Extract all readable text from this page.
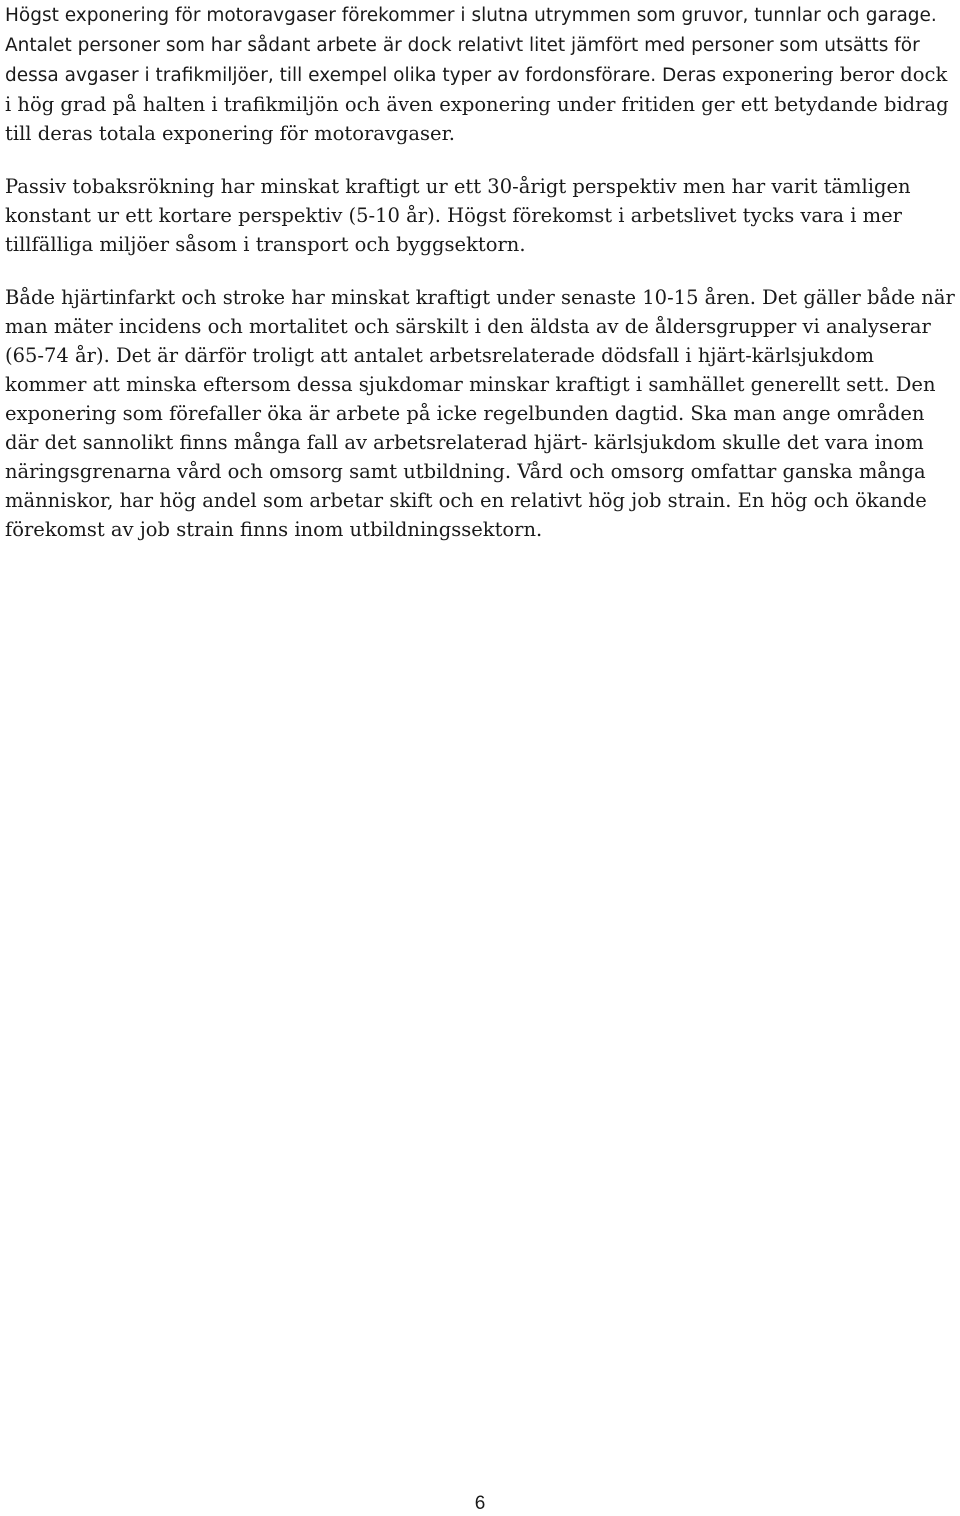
Högst exponering för motoravgaser förekommer i slutna utrymmen som gruvor, tunnlar och garage. Antalet personer som har sådant arbete är dock relativt litet jämfört med personer som utsätts för dessa avgaser i trafikmiljöer, till exempel olika typer av fordonsförare. Deras exponering beror dock i hög grad på halten i trafikmiljön och även exponering under fritiden ger ett betydande bidrag till deras totala exponering för motoravgaser.

Passiv tobaksrökning har minskat kraftigt ur ett 30-årigt perspektiv men har varit tämligen konstant ur ett kortare perspektiv (5-10 år). Högst förekomst i arbetslivet tycks vara i mer tillfälliga miljöer såsom i transport och byggsektorn.

Både hjärtinfarkt och stroke har minskat kraftigt under senaste 10-15 åren. Det gäller både när man mäter incidens och mortalitet och särskilt i den äldsta av de åldersgrupper vi analyserar (65-74 år). Det är därför troligt att antalet arbetsrelaterade dödsfall i hjärt-kärlsjukdom kommer att minska eftersom dessa sjukdomar minskar kraftigt i samhället generellt sett. Den exponering som förefaller öka är arbete på icke regelbunden dagtid. Ska man ange områden där det sannolikt finns många fall av arbetsrelaterad hjärt- kärlsjukdom skulle det vara inom näringsgrenarna vård och omsorg samt utbildning. Vård och omsorg omfattar ganska många människor, har hög andel som arbetar skift och en relativt hög job strain. En hög och ökande förekomst av job strain finns inom utbildningssektorn.

6
